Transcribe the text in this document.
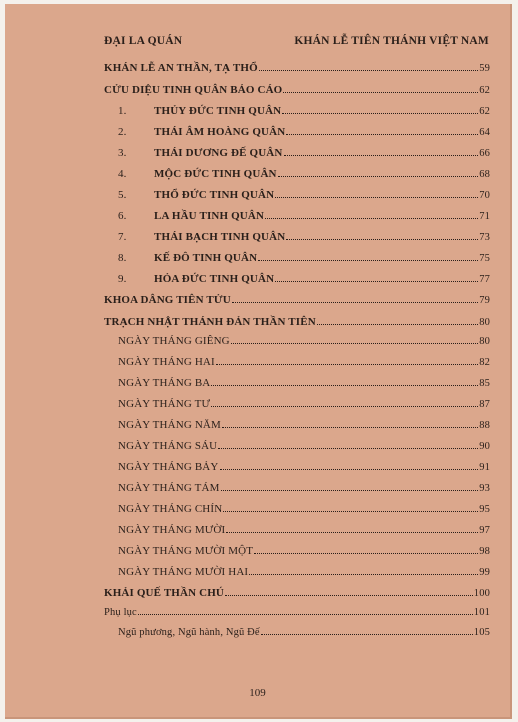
ĐẠI LA QUÁN	KHÁN LỄ TIÊN THÁNH VIỆT NAM
KHÁN LỄ AN THẦN, TẠ THỔ	59
CỬU DIỆU TINH QUÂN BẢO CÁO	62
1.	THỦY ĐỨC TINH QUÂN	62
2.	THÁI ÂM HOÀNG QUÂN	64
3.	THÁI DƯƠNG ĐẾ QUÂN	66
4.	MỘC ĐỨC TINH QUÂN	68
5.	THỔ ĐỨC TINH QUÂN	70
6.	LA HẦU TINH QUÂN	71
7.	THÁI BẠCH TINH QUÂN	73
8.	KẾ ĐÔ TINH QUÂN	75
9.	HỎA ĐỨC TINH QUÂN	77
KHOA DÂNG TIÊN TỬU	79
TRẠCH NHẬT THÁNH ĐẢN THẦN TIÊN	80
NGÀY THÁNG GIÊNG	80
NGÀY THÁNG HAI	82
NGÀY THÁNG BA	85
NGÀY THÁNG TƯ	87
NGÀY THÁNG NĂM	88
NGÀY THÁNG SÁU	90
NGÀY THÁNG BẢY	91
NGÀY THÁNG TÁM	93
NGÀY THÁNG CHÍN	95
NGÀY THÁNG MƯỜI	97
NGÀY THÁNG MƯỜI MỘT	98
NGÀY THÁNG MƯỜI HAI	99
KHẢI QUẾ THẦN CHÚ	100
Phụ lục	101
Ngũ phương, Ngũ hành, Ngũ Đế	105
109
